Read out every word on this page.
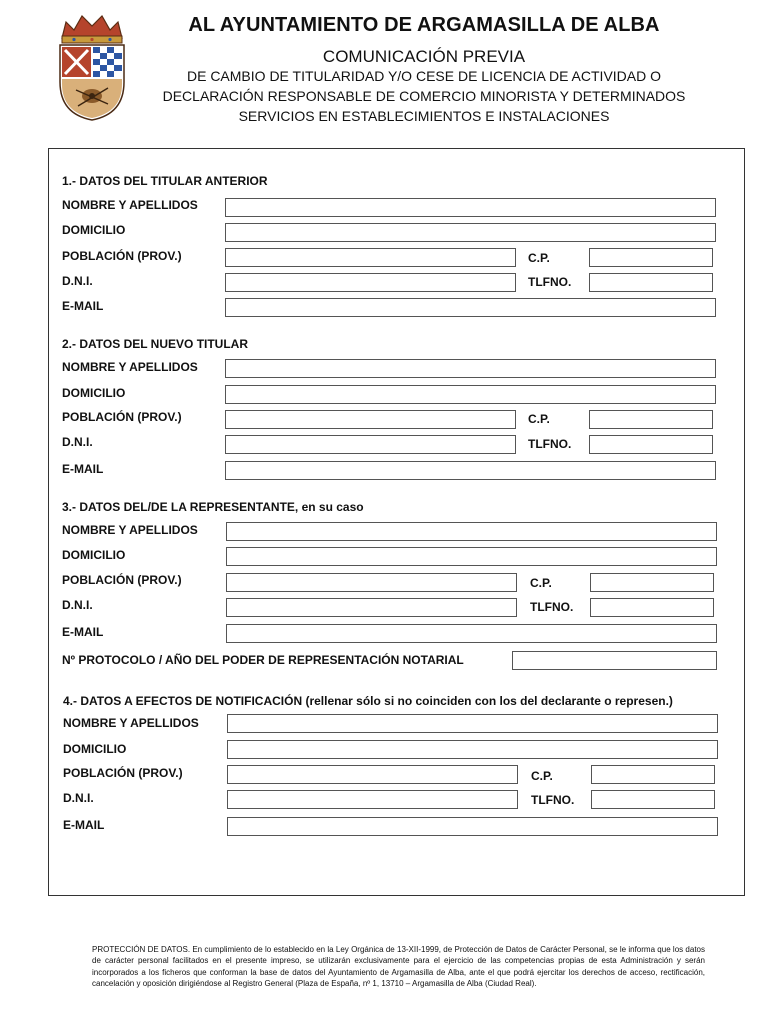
AL AYUNTAMIENTO DE ARGAMASILLA DE ALBA
COMUNICACIÓN PREVIA
DE CAMBIO DE TITULARIDAD Y/O CESE DE LICENCIA DE ACTIVIDAD O DECLARACIÓN RESPONSABLE DE COMERCIO MINORISTA Y DETERMINADOS SERVICIOS EN ESTABLECIMIENTOS E INSTALACIONES
1.- DATOS DEL TITULAR ANTERIOR
NOMBRE Y APELLIDOS
DOMICILIO
POBLACIÓN (PROV.)	C.P.
D.N.I.	TLFNO.
E-MAIL
2.- DATOS DEL NUEVO TITULAR
NOMBRE Y APELLIDOS
DOMICILIO
POBLACIÓN (PROV.)	C.P.
D.N.I.	TLFNO.
E-MAIL
3.- DATOS DEL/DE LA REPRESENTANTE, en su caso
NOMBRE Y APELLIDOS
DOMICILIO
POBLACIÓN (PROV.)	C.P.
D.N.I.	TLFNO.
E-MAIL
Nº PROTOCOLO / AÑO DEL PODER DE REPRESENTACIÓN NOTARIAL
4.- DATOS A EFECTOS DE NOTIFICACIÓN (rellenar sólo si no coinciden con los del declarante o represen.)
NOMBRE Y APELLIDOS
DOMICILIO
POBLACIÓN (PROV.)	C.P.
D.N.I.	TLFNO.
E-MAIL
PROTECCIÓN DE DATOS. En cumplimiento de lo establecido en la Ley Orgánica de 13-XII-1999, de Protección de Datos de Carácter Personal, se le informa que los datos de carácter personal facilitados en el presente impreso, se utilizarán exclusivamente para el ejercicio de las competencias propias de esta Administración y serán incorporados a los ficheros que conforman la base de datos del Ayuntamiento de Argamasilla de Alba, ante el que podrá ejercitar los derechos de acceso, rectificación, cancelación y oposición dirigiéndose al Registro General (Plaza de España, nº 1, 13710 – Argamasilla de Alba (Ciudad Real).
